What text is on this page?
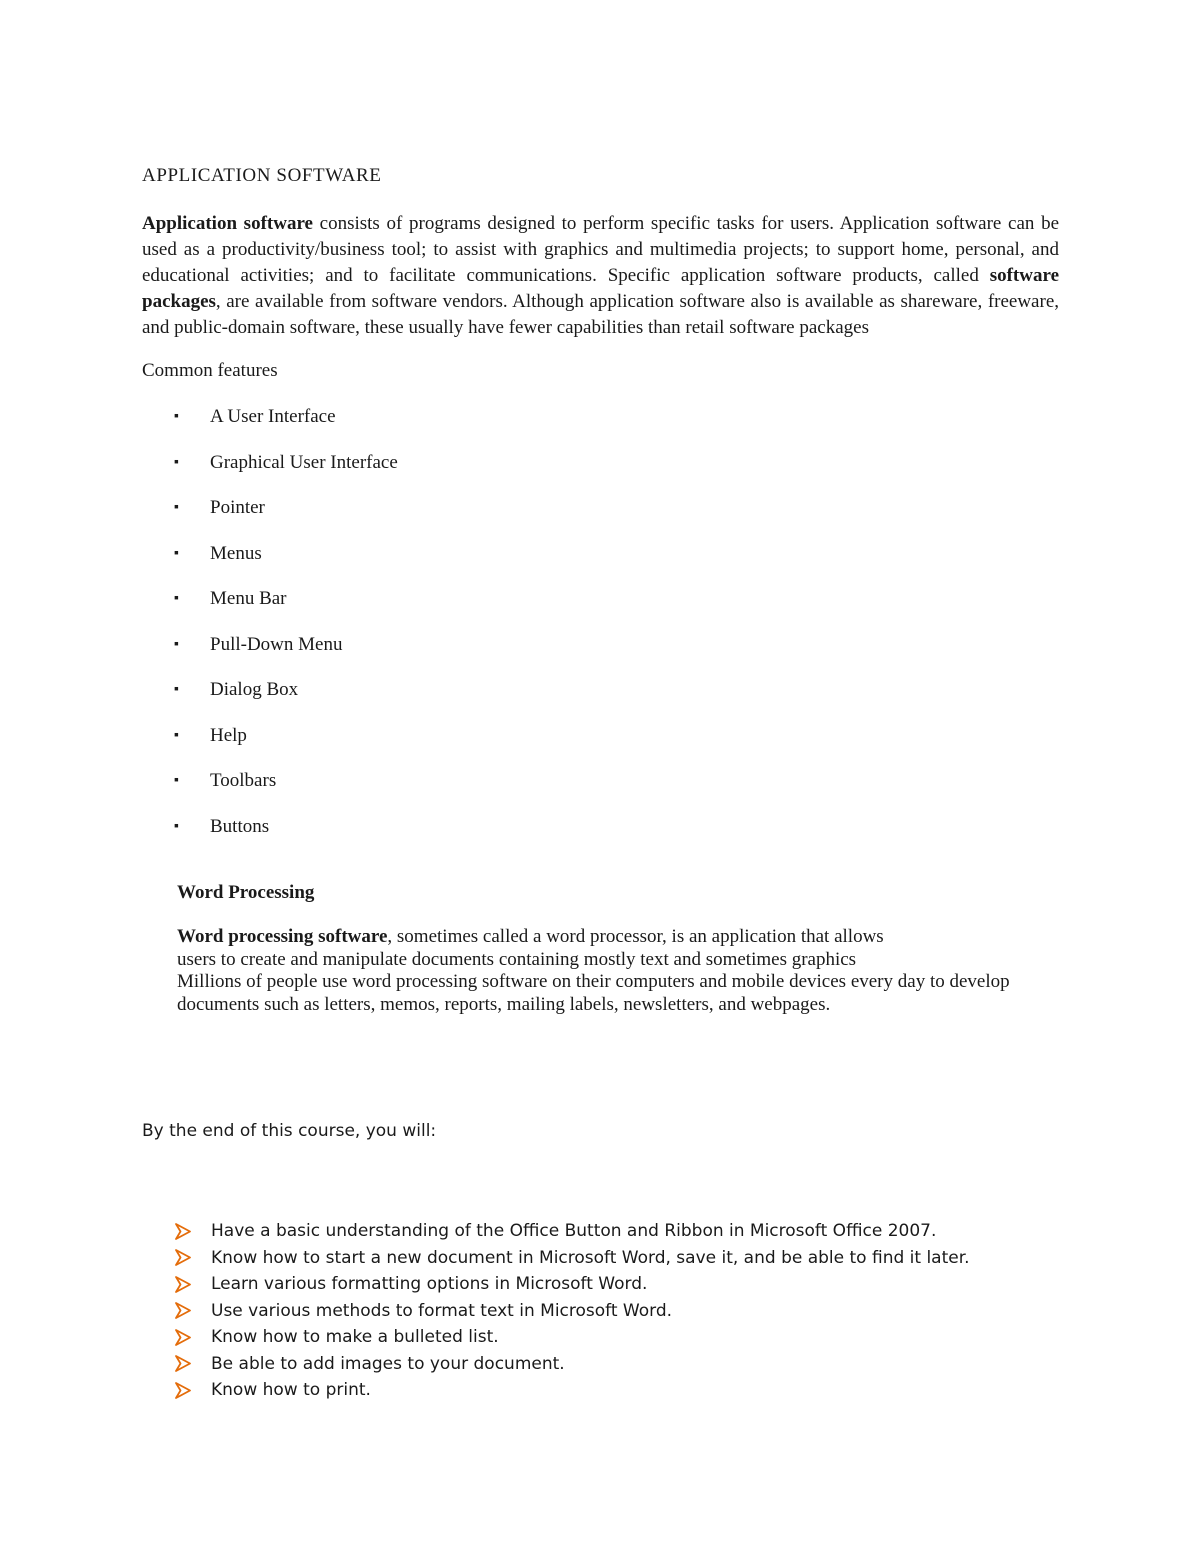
APPLICATION SOFTWARE

Application software consists of programs designed to perform specific tasks for users. Application software can be used as a productivity/business tool; to assist with graphics and multimedia projects; to support home, personal, and educational activities; and to facilitate communications. Specific application software products, called software packages, are available from software vendors. Although application software also is available as shareware, freeware, and public-domain software, these usually have fewer capabilities than retail software packages

Common features
▪	A User Interface
▪	Graphical User Interface
▪	Pointer
▪	Menus
▪	Menu Bar
▪	Pull-Down Menu
▪	Dialog Box
▪	Help
▪	Toolbars
▪	Buttons
Word Processing
Word processing software, sometimes called a word processor, is an application that allows
users to create and manipulate documents containing mostly text and sometimes graphics
Millions of people use word processing software on their computers and mobile devices every day to develop
documents such as letters, memos, reports, mailing labels, newsletters, and webpages.
By the end of this course, you will:
Have a basic understanding of the Office Button and Ribbon in Microsoft Office 2007.
Know how to start a new document in Microsoft Word, save it, and be able to find it later.
Learn various formatting options in Microsoft Word.
Use various methods to format text in Microsoft Word.
Know how to make a bulleted list.
Be able to add images to your document.
Know how to print.
